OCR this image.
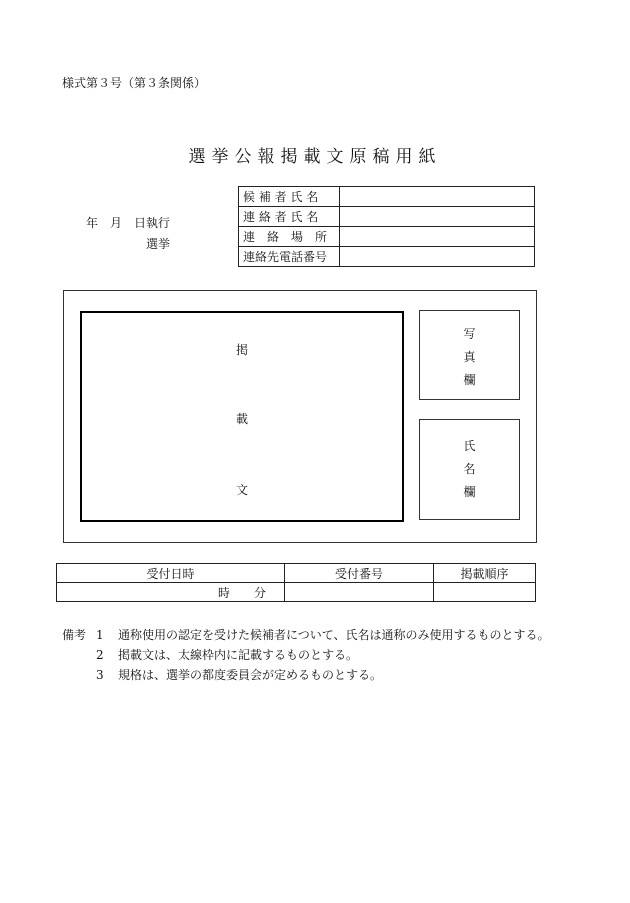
様式第３号（第３条関係）
選挙公報掲載文原稿用紙
年　月　日執行
選挙
候 補 者 氏 名	
連 絡 者 氏 名	
連　絡　場　所	
連絡先電話番号	
掲
載
文
写
真
欄
氏
名
欄
受付日時	受付番号	掲載順序
時　　分		
備考 1 通称使用の認定を受けた候補者について、氏名は通称のみ使用するものとする。
2 掲載文は、太線枠内に記載するものとする。
3 規格は、選挙の都度委員会が定めるものとする。
